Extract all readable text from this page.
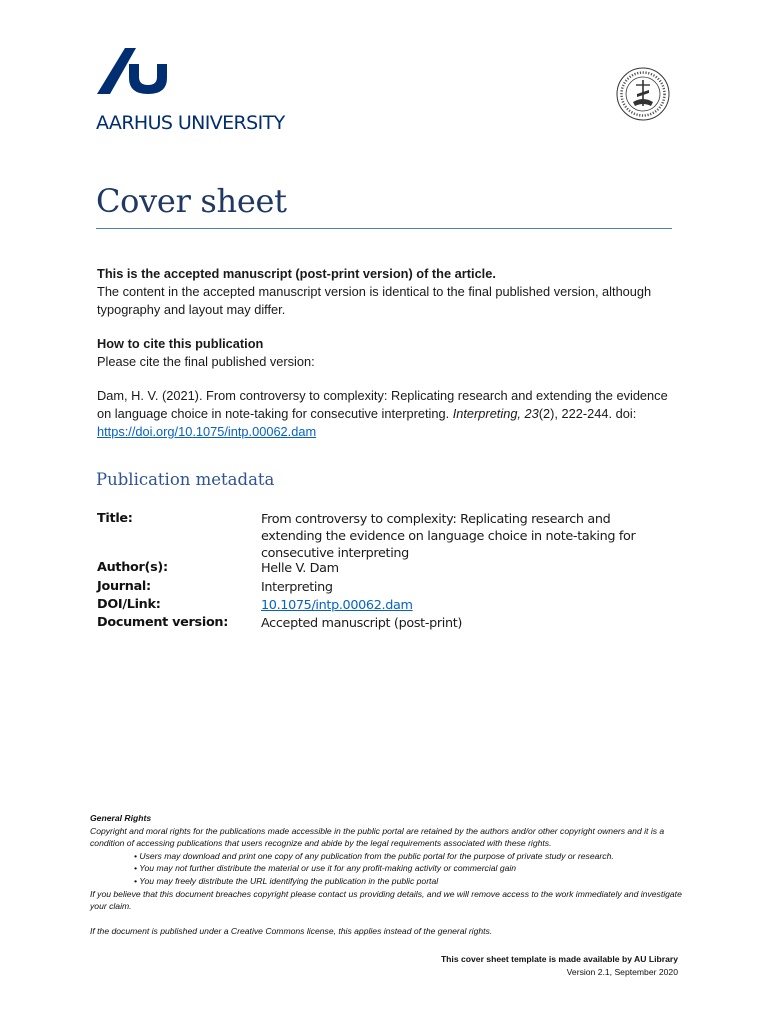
AARHUS UNIVERSITY
Cover sheet
This is the accepted manuscript (post-print version) of the article.
The content in the accepted manuscript version is identical to the final published version, although typography and layout may differ.
How to cite this publication
Please cite the final published version:
Dam, H. V. (2021). From controversy to complexity: Replicating research and extending the evidence on language choice in note-taking for consecutive interpreting. Interpreting, 23(2), 222-244. doi:
https://doi.org/10.1075/intp.00062.dam
Publication metadata
Title:	From controversy to complexity: Replicating research and extending the evidence on language choice in note-taking for consecutive interpreting
Author(s):	Helle V. Dam
Journal:	Interpreting
DOI/Link:	10.1075/intp.00062.dam
Document version:	Accepted manuscript (post-print)

General Rights

Copyright and moral rights for the publications made accessible in the public portal are retained by the authors and/or other copyright owners and it is a condition of accessing publications that users recognize and abide by the legal requirements associated with these rights.

• Users may download and print one copy of any publication from the public portal for the purpose of private study or research.

• You may not further distribute the material or use it for any profit-making activity or commercial gain

• You may freely distribute the URL identifying the publication in the public portal

If you believe that this document breaches copyright please contact us providing details, and we will remove access to the work immediately and investigate your claim.

If the document is published under a Creative Commons license, this applies instead of the general rights.

This cover sheet template is made available by AU Library
Version 2.1, September 2020
